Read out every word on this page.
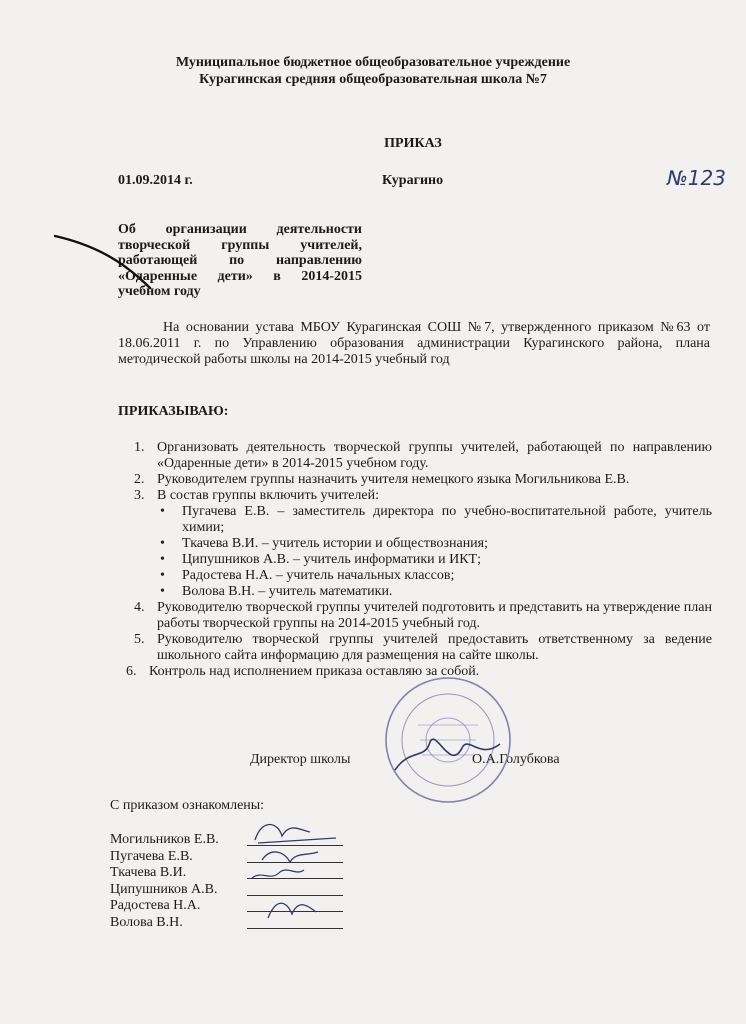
Муниципальное бюджетное общеобразовательное учреждение
Курагинская средняя общеобразовательная школа №7
ПРИКАЗ
01.09.2014 г.	Курагино	№123
Об организации деятельности творческой группы учителей, работающей по направлению «Одаренные дети» в 2014-2015 учебном году
На основании устава МБОУ Курагинская СОШ №7, утвержденного приказом №63 от 18.06.2011 г. по Управлению образования администрации Курагинского района, плана методической работы школы на 2014-2015 учебный год
ПРИКАЗЫВАЮ:
1. Организовать деятельность творческой группы учителей, работающей по направлению «Одаренные дети» в 2014-2015 учебном году.
2. Руководителем группы назначить учителя немецкого языка Могильникова Е.В.
3. В состав группы включить учителей:
• Пугачева Е.В. – заместитель директора по учебно-воспитательной работе, учитель химии;
• Ткачева В.И. – учитель истории и обществознания;
• Ципушников А.В. – учитель информатики и ИКТ;
• Радостева Н.А. – учитель начальных классов;
• Волова В.Н. – учитель математики.
4. Руководителю творческой группы учителей подготовить и представить на утверждение план работы творческой группы на 2014-2015 учебный год.
5. Руководителю творческой группы учителей предоставить ответственному за ведение школьного сайта информацию для размещения на сайте школы.
6. Контроль над исполнением приказа оставляю за собой.
Директор школы	О.А.Голубкова
С приказом ознакомлены:
Могильников Е.В.
Пугачева Е.В.
Ткачева В.И.
Ципушников А.В.
Радостева Н.А.
Волова В.Н.
